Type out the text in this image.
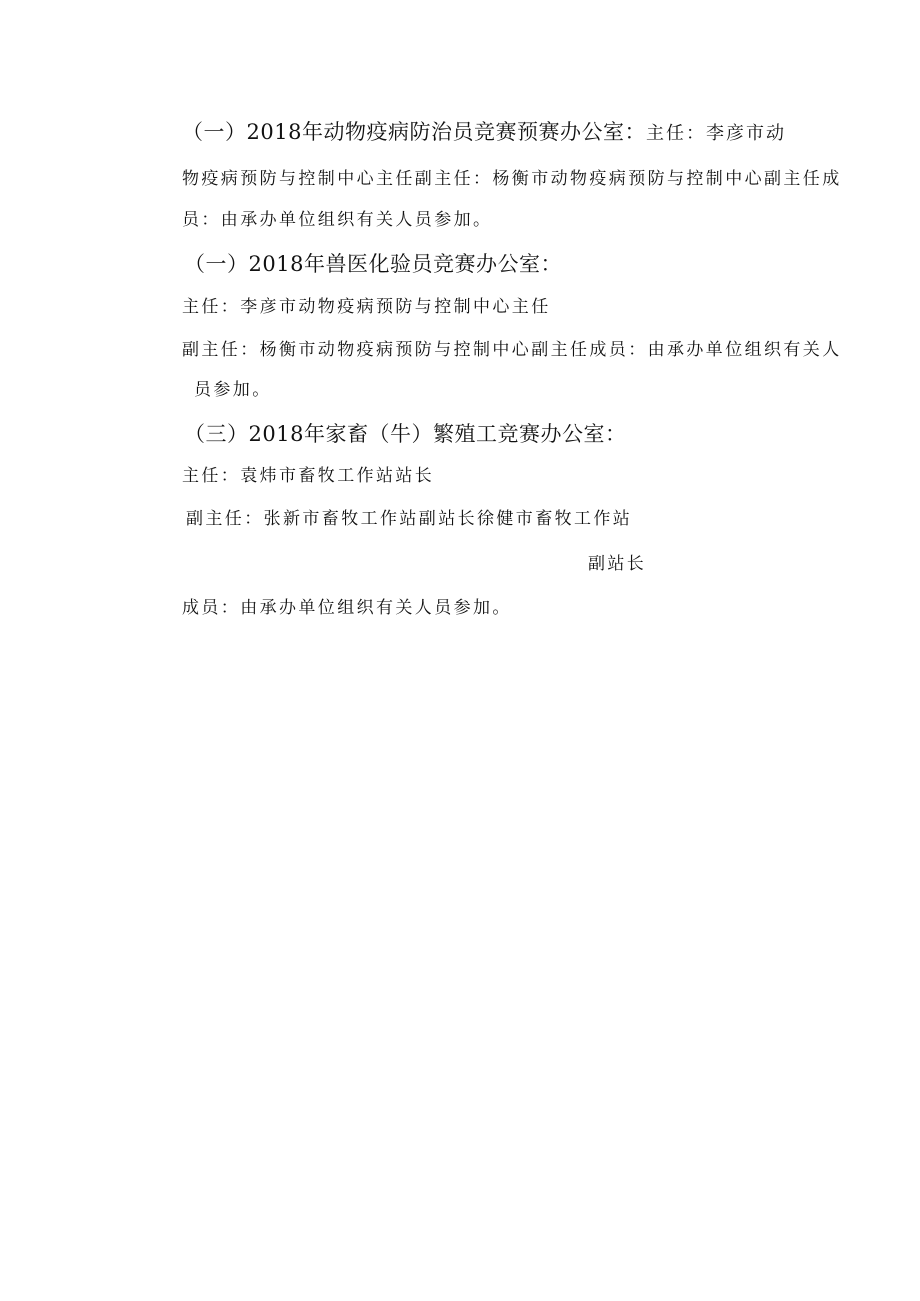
（一）2018年动物疫病防治员竞赛预赛办公室：主任：李彦市动
物疫病预防与控制中心主任副主任：杨衡市动物疫病预防与控制中心副主任成
员：由承办单位组织有关人员参加。
（一）2018年兽医化验员竞赛办公室：
主任：李彦市动物疫病预防与控制中心主任
副主任：杨衡市动物疫病预防与控制中心副主任成员：由承办单位组织有关人
员参加。
（三）2018年家畜（牛）繁殖工竞赛办公室：
主任：袁炜市畜牧工作站站长
副主任：张新市畜牧工作站副站长徐健市畜牧工作站
副站长
成员：由承办单位组织有关人员参加。
